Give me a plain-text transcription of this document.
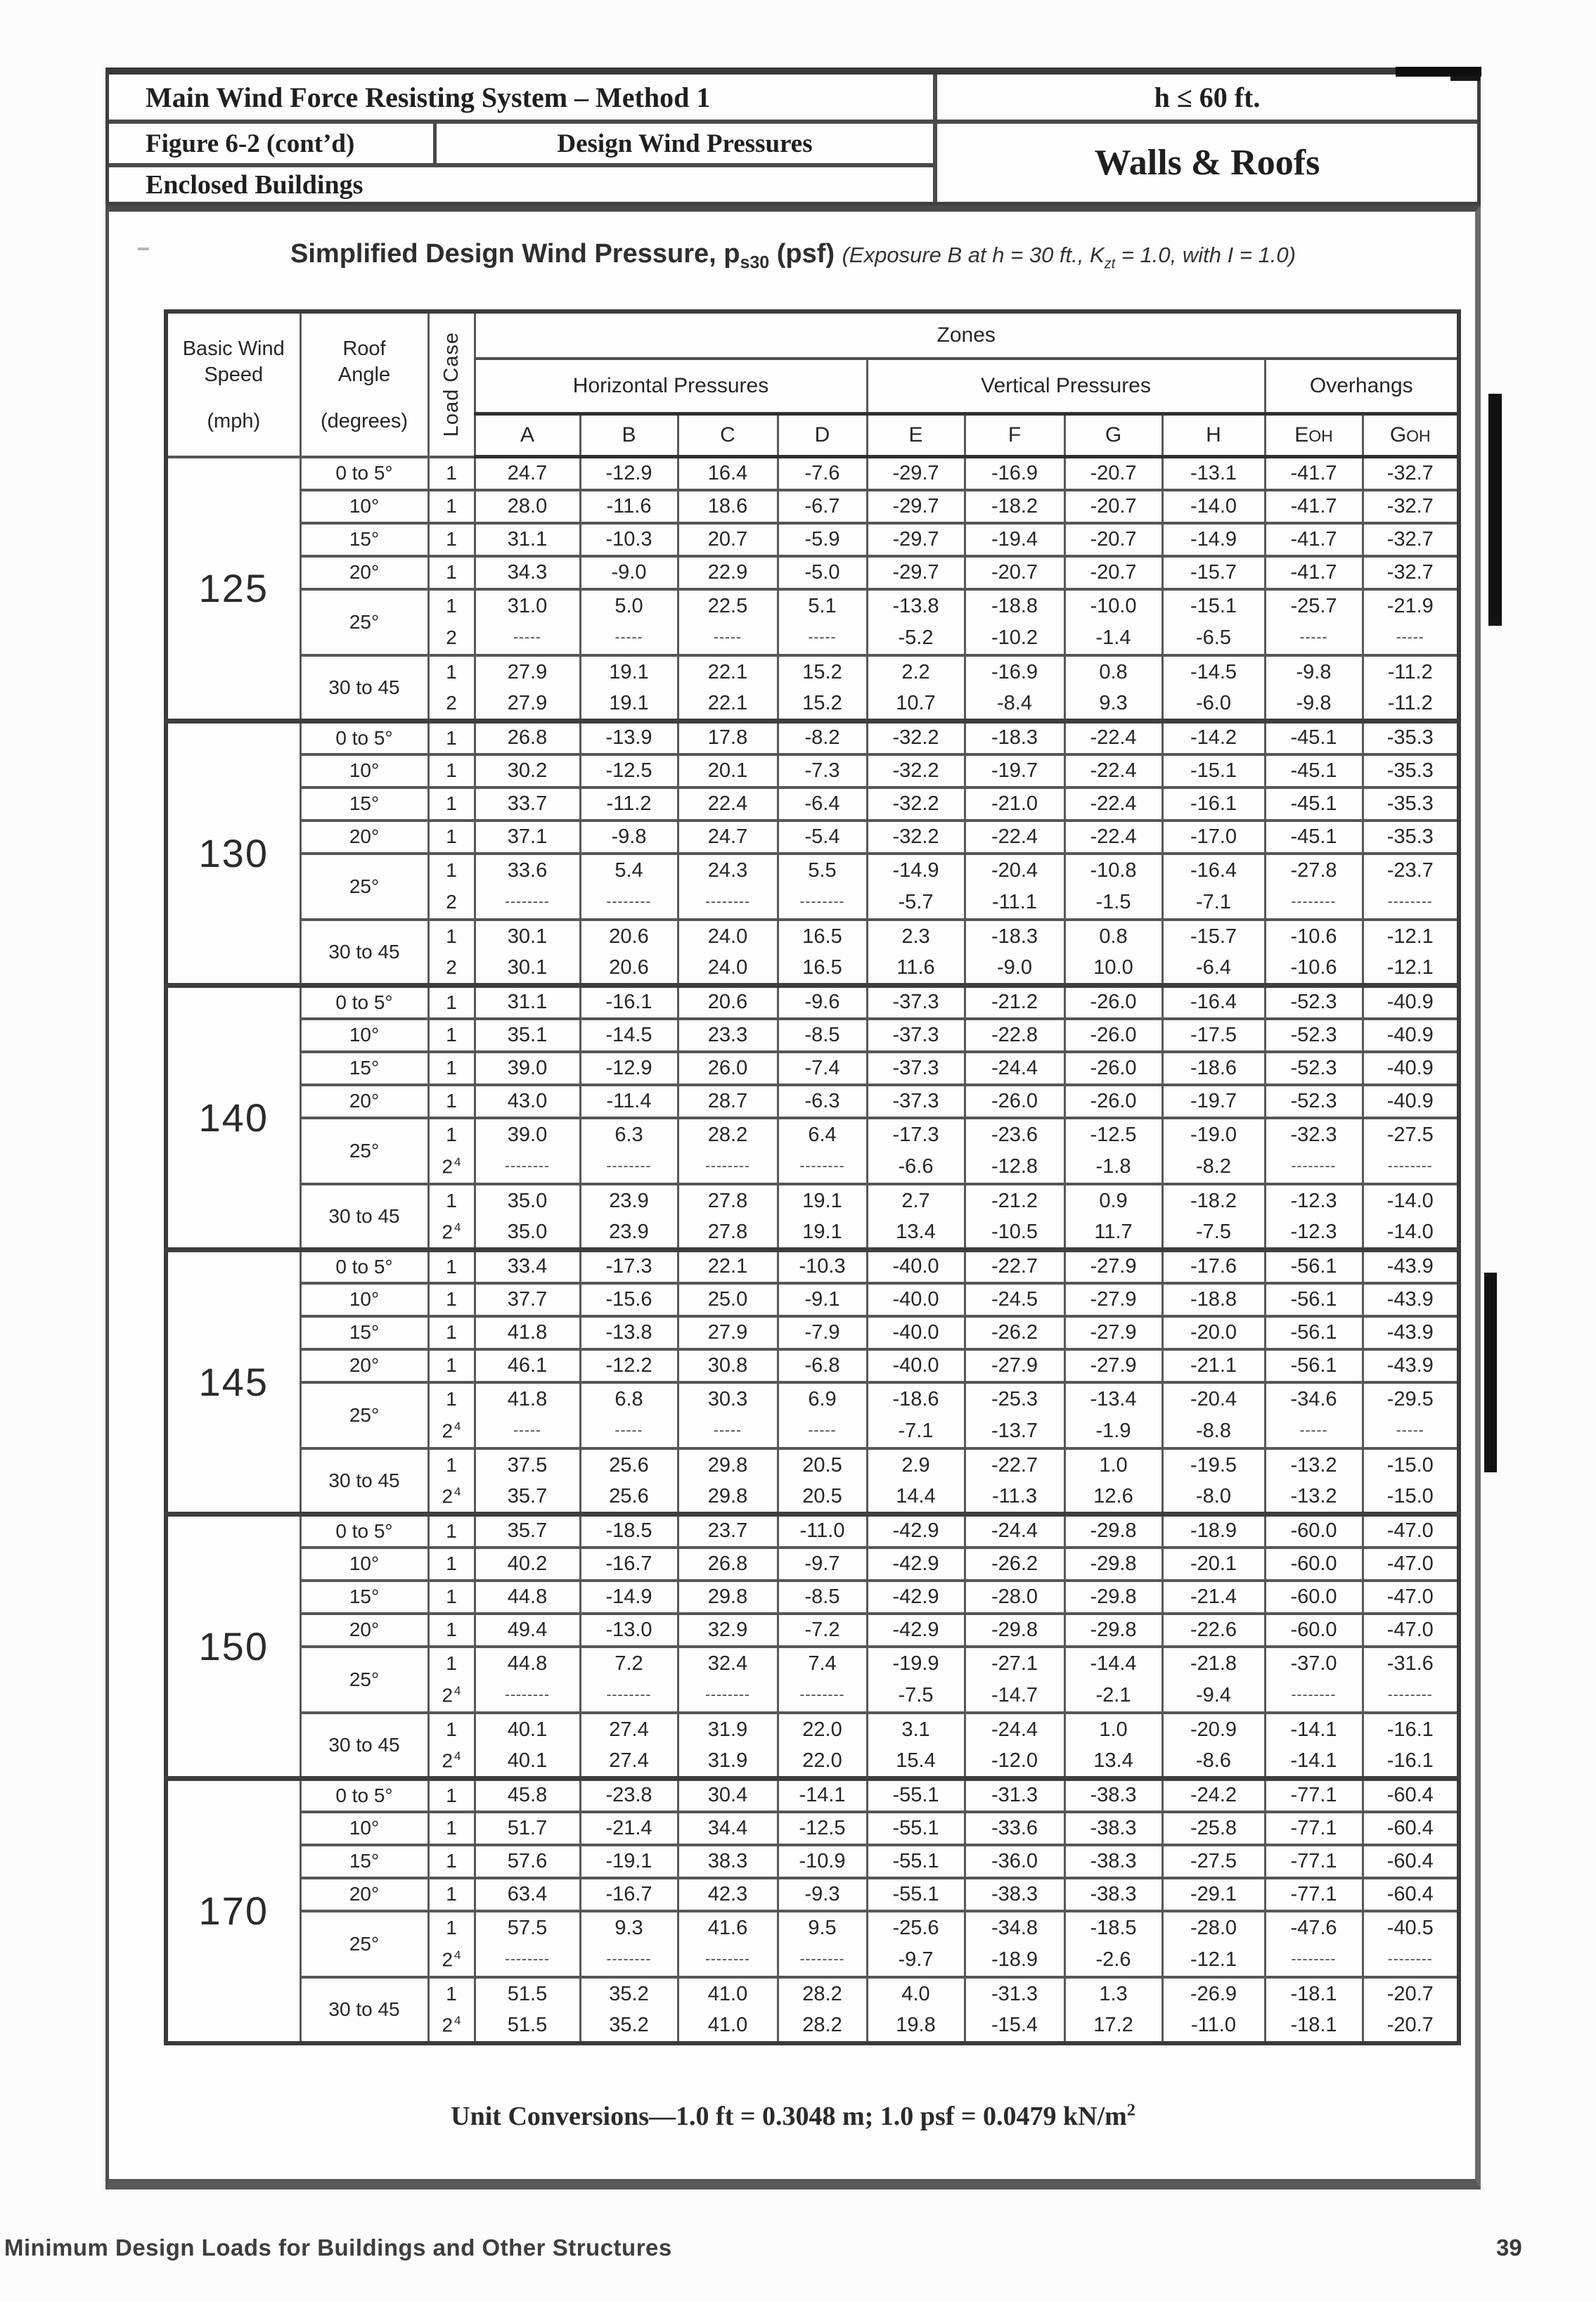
Main Wind Force Resisting System – Method 1	h ≤ 60 ft.
Figure 6-2 (cont’d)	Design Wind Pressures
Enclosed Buildings
Walls & Roofs
Simplified Design Wind Pressure, $p_{s30}$ (psf) (Exposure B at h = 30 ft., $K_{zt} = 1.0$, with I = 1.0)
Basic Wind Speed
(mph)

Roof Angle
(degrees)	Load Case	Zones
			Horizontal Pressures				Vertical Pressures				Overhangs	
			A	B	C	D	E	F	G	H	EOH	GOH
125	0 to 5°	1	24.7	-12.9	16.4	-7.6	-29.7	-16.9	-20.7	-13.1	-41.7	-32.7
	10°	1	28.0	-11.6	18.6	-6.7	-29.7	-18.2	-20.7	-14.0	-41.7	-32.7
	15°	1	31.1	-10.3	20.7	-5.9	-29.7	-19.4	-20.7	-14.9	-41.7	-32.7
	20°	1	34.3	-9.0	22.9	-5.0	-29.7	-20.7	-20.7	-15.7	-41.7	-32.7
	25°	1	31.0	5.0	22.5	5.1	-13.8	-18.8	-10.0	-15.1	-25.7	-21.9
		2	-----	-----	-----	-----	-5.2	-10.2	-1.4	-6.5	-----	-----
	30 to 45	1	27.9	19.1	22.1	15.2	2.2	-16.9	0.8	-14.5	-9.8	-11.2
		2	27.9	19.1	22.1	15.2	10.7	-8.4	9.3	-6.0	-9.8	-11.2
130	0 to 5°	1	26.8	-13.9	17.8	-8.2	-32.2	-18.3	-22.4	-14.2	-45.1	-35.3
	10°	1	30.2	-12.5	20.1	-7.3	-32.2	-19.7	-22.4	-15.1	-45.1	-35.3
	15°	1	33.7	-11.2	22.4	-6.4	-32.2	-21.0	-22.4	-16.1	-45.1	-35.3
	20°	1	37.1	-9.8	24.7	-5.4	-32.2	-22.4	-22.4	-17.0	-45.1	-35.3
	25°	1	33.6	5.4	24.3	5.5	-14.9	-20.4	-10.8	-16.4	-27.8	-23.7
		2	--------	--------	--------	--------	-5.7	-11.1	-1.5	-7.1	--------	--------
	30 to 45	1	30.1	20.6	24.0	16.5	2.3	-18.3	0.8	-15.7	-10.6	-12.1
		2	30.1	20.6	24.0	16.5	11.6	-9.0	10.0	-6.4	-10.6	-12.1
140	0 to 5°	1	31.1	-16.1	20.6	-9.6	-37.3	-21.2	-26.0	-16.4	-52.3	-40.9
	10°	1	35.1	-14.5	23.3	-8.5	-37.3	-22.8	-26.0	-17.5	-52.3	-40.9
	15°	1	39.0	-12.9	26.0	-7.4	-37.3	-24.4	-26.0	-18.6	-52.3	-40.9
	20°	1	43.0	-11.4	28.7	-6.3	-37.3	-26.0	-26.0	-19.7	-52.3	-40.9
	25°	1	39.0	6.3	28.2	6.4	-17.3	-23.6	-12.5	-19.0	-32.3	-27.5
		2 $^4$	--------	--------	--------	--------	-6.6	-12.8	-1.8	-8.2	--------	--------
	30 to 45	1	35.0	23.9	27.8	19.1	2.7	-21.2	0.9	-18.2	-12.3	-14.0
		2 $^4$	35.0	23.9	27.8	19.1	13.4	-10.5	11.7	-7.5	-12.3	-14.0
145	0 to 5°	1	33.4	-17.3	22.1	-10.3	-40.0	-22.7	-27.9	-17.6	-56.1	-43.9
	10°	1	37.7	-15.6	25.0	-9.1	-40.0	-24.5	-27.9	-18.8	-56.1	-43.9
	15°	1	41.8	-13.8	27.9	-7.9	-40.0	-26.2	-27.9	-20.0	-56.1	-43.9
	20°	1	46.1	-12.2	30.8	-6.8	-40.0	-27.9	-27.9	-21.1	-56.1	-43.9
	25°	1	41.8	6.8	30.3	6.9	-18.6	-25.3	-13.4	-20.4	-34.6	-29.5
		2 $^4$	-----	-----	-----	-----	-7.1	-13.7	-1.9	-8.8	-----	-----
	30 to 45	1	37.5	25.6	29.8	20.5	2.9	-22.7	1.0	-19.5	-13.2	-15.0
		2 $^4$	35.7	25.6	29.8	20.5	14.4	-11.3	12.6	-8.0	-13.2	-15.0
150	0 to 5°	1	35.7	-18.5	23.7	-11.0	-42.9	-24.4	-29.8	-18.9	-60.0	-47.0
	10°	1	40.2	-16.7	26.8	-9.7	-42.9	-26.2	-29.8	-20.1	-60.0	-47.0
	15°	1	44.8	-14.9	29.8	-8.5	-42.9	-28.0	-29.8	-21.4	-60.0	-47.0
	20°	1	49.4	-13.0	32.9	-7.2	-42.9	-29.8	-29.8	-22.6	-60.0	-47.0
	25°	1	44.8	7.2	32.4	7.4	-19.9	-27.1	-14.4	-21.8	-37.0	-31.6
		2 $^4$	--------	--------	--------	--------	-7.5	-14.7	-2.1	-9.4	--------	--------
	30 to 45	1	40.1	27.4	31.9	22.0	3.1	-24.4	1.0	-20.9	-14.1	-16.1
		2 $^4$	40.1	27.4	31.9	22.0	15.4	-12.0	13.4	-8.6	-14.1	-16.1
170	0 to 5°	1	45.8	-23.8	30.4	-14.1	-55.1	-31.3	-38.3	-24.2	-77.1	-60.4
	10°	1	51.7	-21.4	34.4	-12.5	-55.1	-33.6	-38.3	-25.8	-77.1	-60.4
	15°	1	57.6	-19.1	38.3	-10.9	-55.1	-36.0	-38.3	-27.5	-77.1	-60.4
	20°	1	63.4	-16.7	42.3	-9.3	-55.1	-38.3	-38.3	-29.1	-77.1	-60.4
	25°	1	57.5	9.3	41.6	9.5	-25.6	-34.8	-18.5	-28.0	-47.6	-40.5
		2 $^4$	--------	--------	--------	--------	-9.7	-18.9	-2.6	-12.1	--------	--------
	30 to 45	1	51.5	35.2	41.0	28.2	4.0	-31.3	1.3	-26.9	-18.1	-20.7
		2 $^4$	51.5	35.2	41.0	28.2	19.8	-15.4	17.2	-11.0	-18.1	-20.7
Unit Conversions—1.0 ft = 0.3048 m; 1.0 psf = 0.0479 $kN/m^2$
Minimum Design Loads for Buildings and Other Structures	39
